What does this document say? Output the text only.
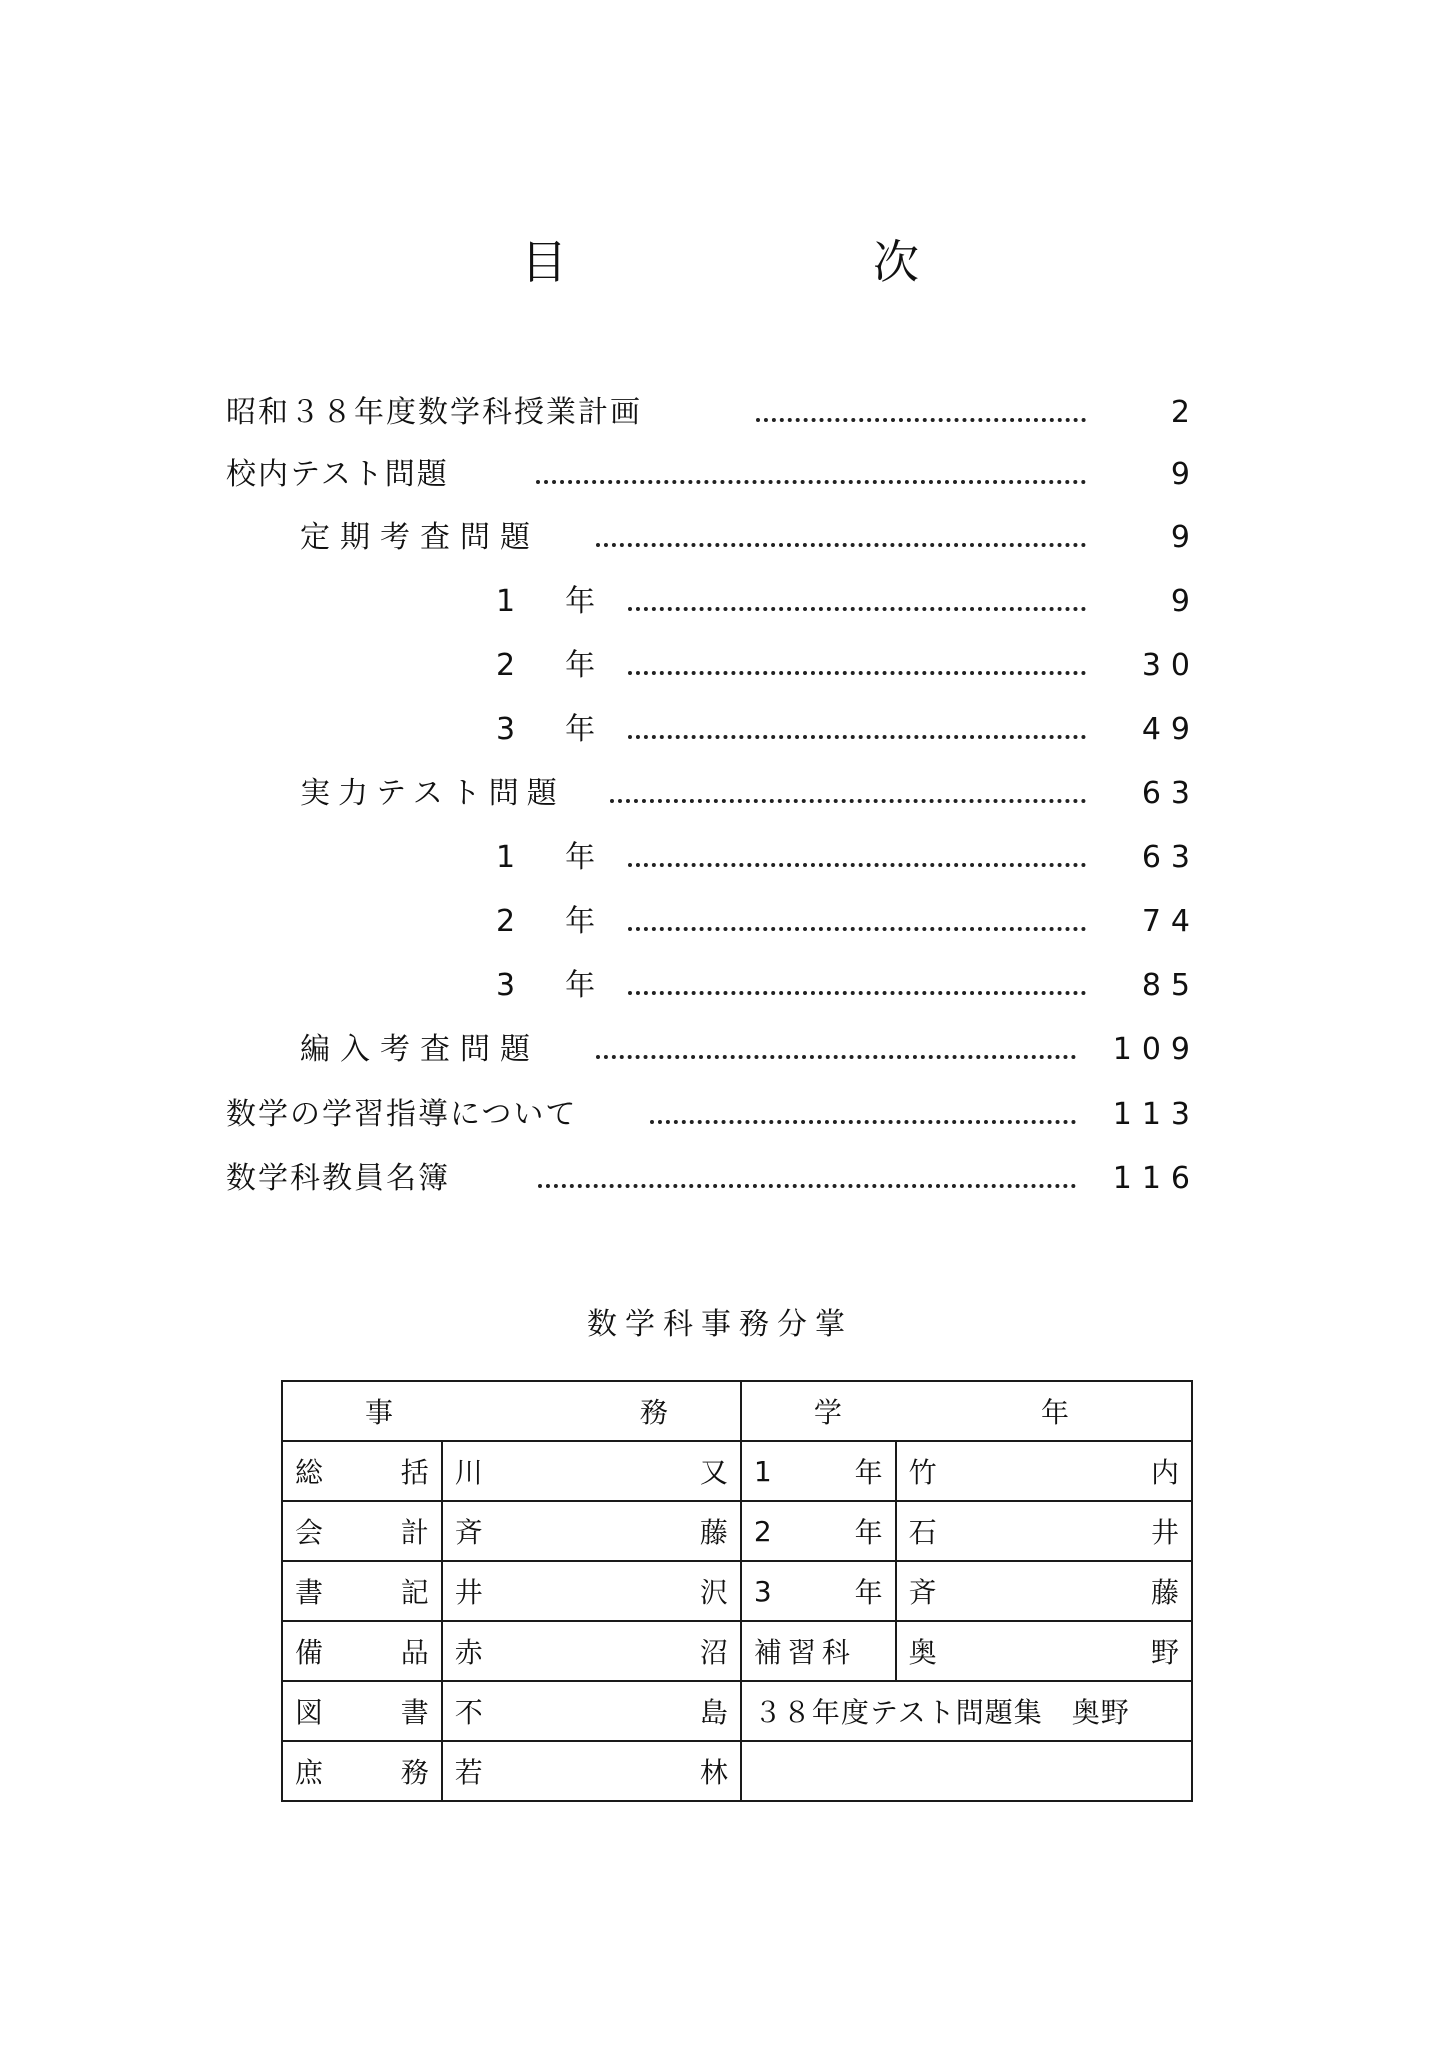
目　次
昭和３８年度数学科授業計画	2
校内テスト問題	9
定期考査問題	9
1　年	9
2　年	30
3　年	49
実力テスト問題	63
1　年	63
2　年	74
3　年	85
編入考査問題	109
数学の学習指導について	113
数学科教員名簿	116
数学科事務分掌
事 務		学 年	

総 括	川 又	1 年	竹 内

会 計	斉 藤	2 年	石 井

書 記	井 沢	3 年	斉 藤

備 品	赤 沼	補習科	奥 野

図 書	不 島	３８年度テスト問題集　奥野	

庶 務	若 林		
